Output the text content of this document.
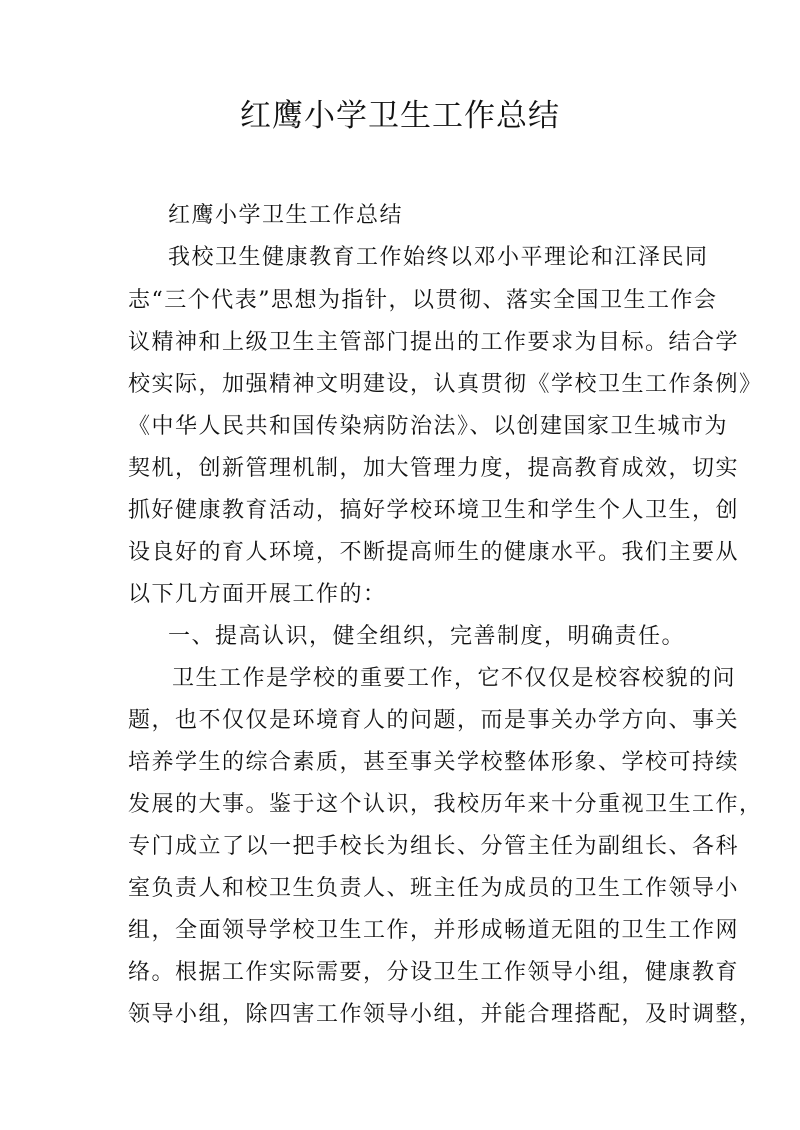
红鹰小学卫生工作总结

红鹰小学卫生工作总结

我校卫生健康教育工作始终以邓小平理论和江泽民同

志“三个代表”思想为指针，以贯彻、落实全国卫生工作会

议精神和上级卫生主管部门提出的工作要求为目标。结合学

校实际，加强精神文明建设，认真贯彻《学校卫生工作条例》

《中华人民共和国传染病防治法》、以创建国家卫生城市为

契机，创新管理机制，加大管理力度，提高教育成效，切实

抓好健康教育活动，搞好学校环境卫生和学生个人卫生，创

设良好的育人环境，不断提高师生的健康水平。我们主要从

以下几方面开展工作的：

一、提高认识，健全组织，完善制度，明确责任。

卫生工作是学校的重要工作，它不仅仅是校容校貌的问

题，也不仅仅是环境育人的问题，而是事关办学方向、事关

培养学生的综合素质，甚至事关学校整体形象、学校可持续

发展的大事。鉴于这个认识，我校历年来十分重视卫生工作，

专门成立了以一把手校长为组长、分管主任为副组长、各科

室负责人和校卫生负责人、班主任为成员的卫生工作领导小

组，全面领导学校卫生工作，并形成畅道无阻的卫生工作网

络。根据工作实际需要，分设卫生工作领导小组，健康教育

领导小组，除四害工作领导小组，并能合理搭配，及时调整，
